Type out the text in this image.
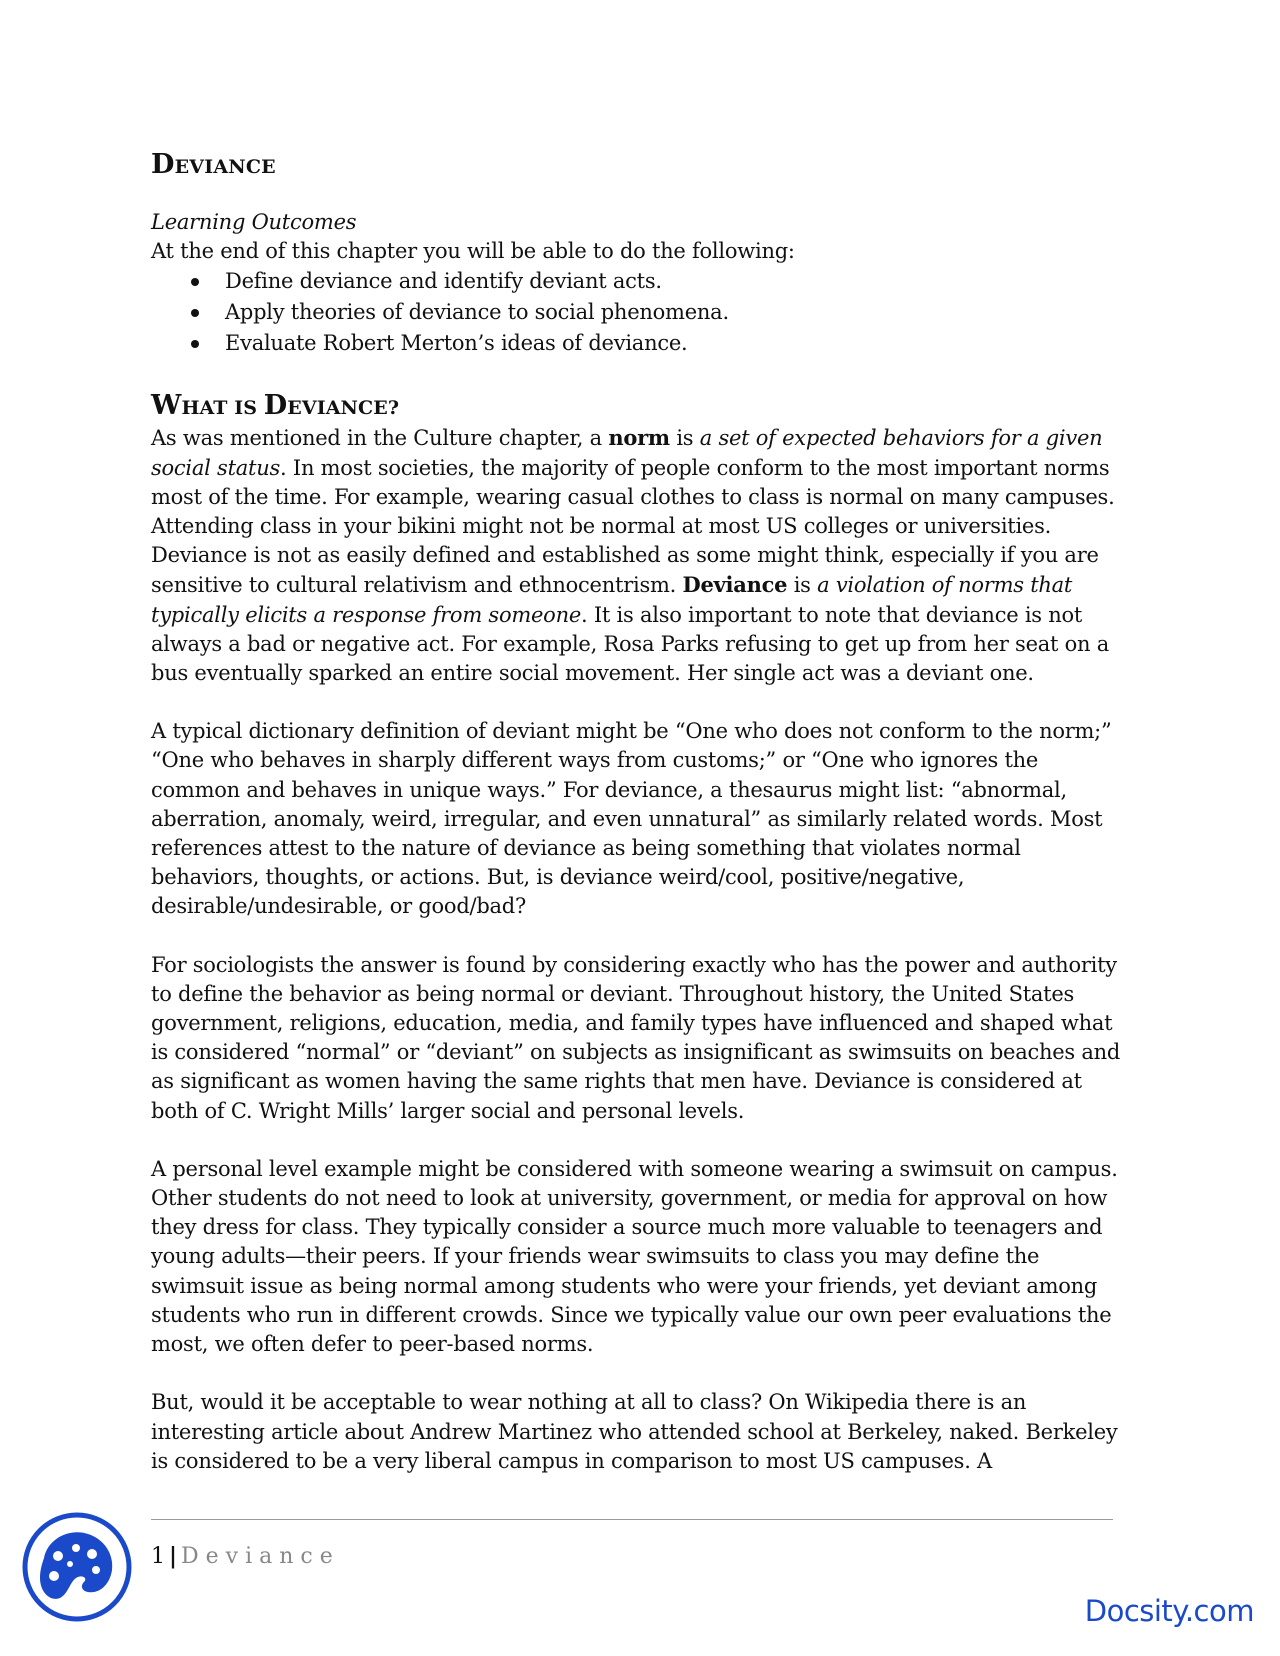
DEVIANCE
Learning Outcomes
At the end of this chapter you will be able to do the following:
Define deviance and identify deviant acts.
Apply theories of deviance to social phenomena.
Evaluate Robert Merton’s ideas of deviance.
WHAT IS DEVIANCE?

As was mentioned in the Culture chapter, a norm is a set of expected behaviors for a given social status. In most societies, the majority of people conform to the most important norms most of the time. For example, wearing casual clothes to class is normal on many campuses. Attending class in your bikini might not be normal at most US colleges or universities. Deviance is not as easily defined and established as some might think, especially if you are sensitive to cultural relativism and ethnocentrism. Deviance is a violation of norms that typically elicits a response from someone. It is also important to note that deviance is not always a bad or negative act. For example, Rosa Parks refusing to get up from her seat on a bus eventually sparked an entire social movement. Her single act was a deviant one.

A typical dictionary definition of deviant might be “One who does not conform to the norm;” “One who behaves in sharply different ways from customs;” or “One who ignores the common and behaves in unique ways.” For deviance, a thesaurus might list: “abnormal, aberration, anomaly, weird, irregular, and even unnatural” as similarly related words. Most references attest to the nature of deviance as being something that violates normal behaviors, thoughts, or actions. But, is deviance weird/cool, positive/negative, desirable/undesirable, or good/bad?

For sociologists the answer is found by considering exactly who has the power and authority to define the behavior as being normal or deviant. Throughout history, the United States government, religions, education, media, and family types have influenced and shaped what is considered “normal” or “deviant” on subjects as insignificant as swimsuits on beaches and as significant as women having the same rights that men have. Deviance is considered at both of C. Wright Mills’ larger social and personal levels.

A personal level example might be considered with someone wearing a swimsuit on campus. Other students do not need to look at university, government, or media for approval on how they dress for class. They typically consider a source much more valuable to teenagers and young adults—their peers. If your friends wear swimsuits to class you may define the swimsuit issue as being normal among students who were your friends, yet deviant among students who run in different crowds. Since we typically value our own peer evaluations the most, we often defer to peer-based norms.

But, would it be acceptable to wear nothing at all to class? On Wikipedia there is an interesting article about Andrew Martinez who attended school at Berkeley, naked. Berkeley is considered to be a very liberal campus in comparison to most US campuses. A

1 | Deviance
Docsity.com
